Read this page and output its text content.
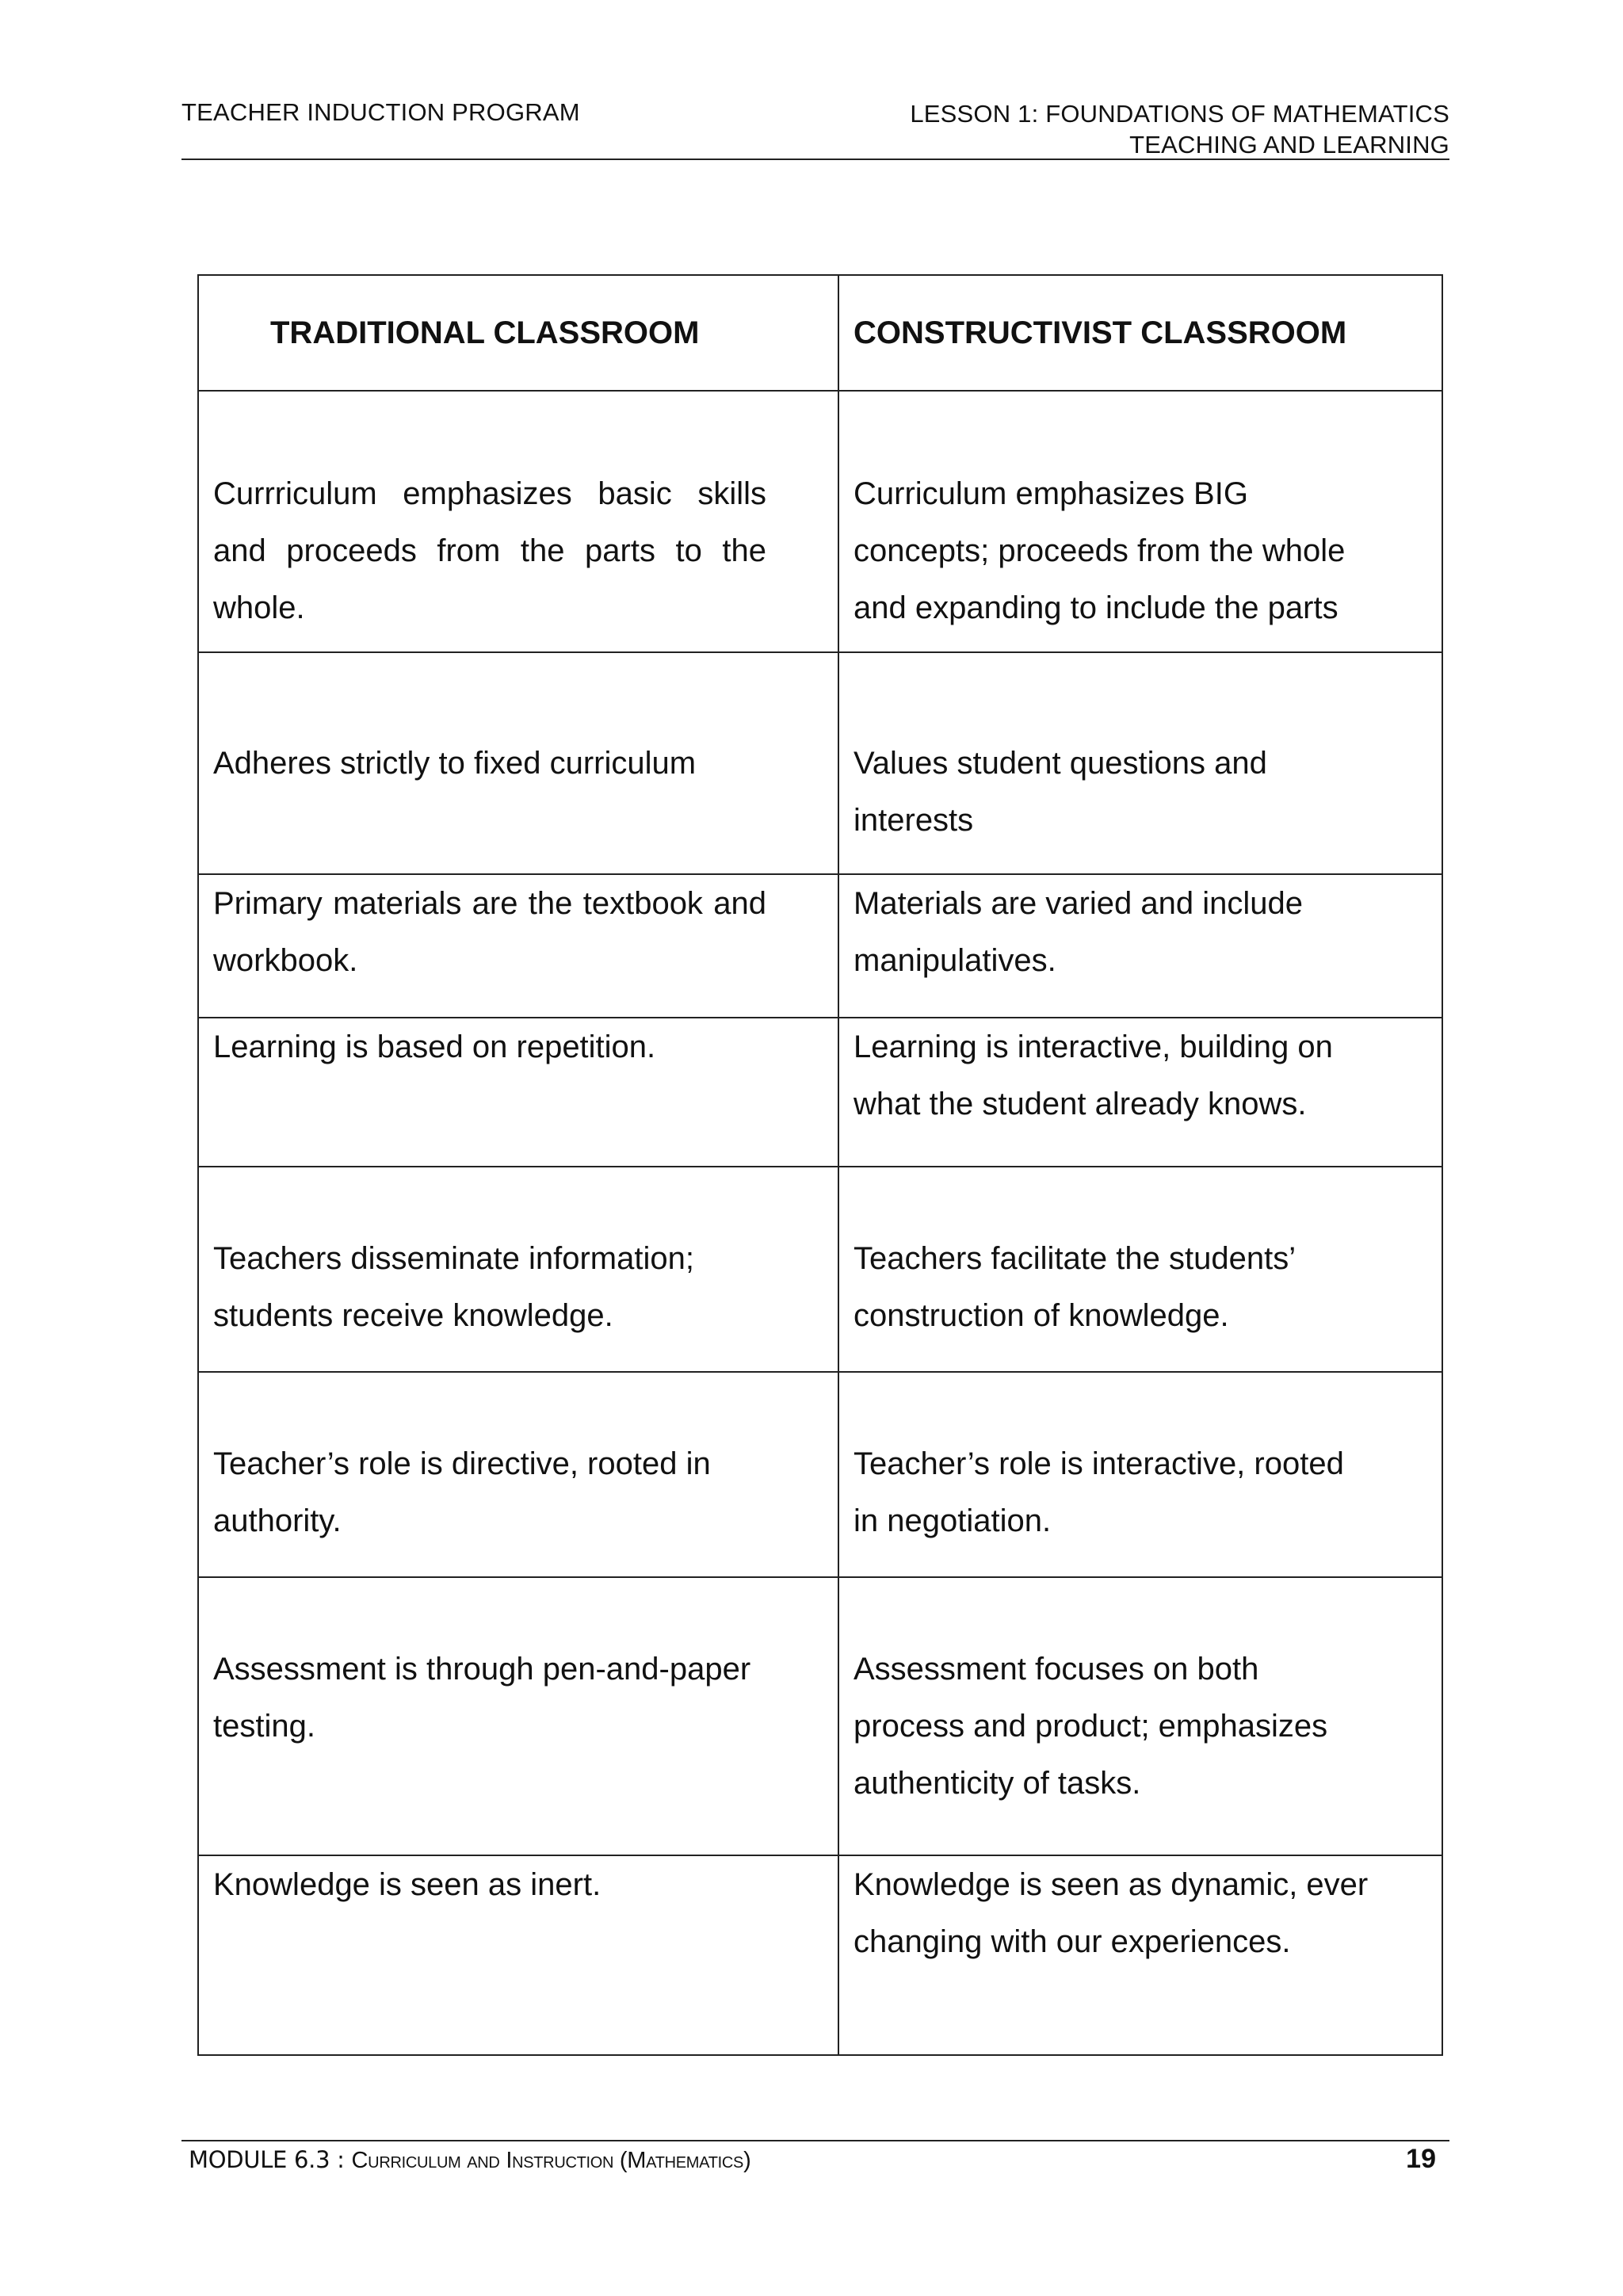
TEACHER INDUCTION PROGRAM	LESSON 1: FOUNDATIONS OF MATHEMATICS
TEACHING AND LEARNING
TRADITIONAL CLASSROOM	CONSTRUCTIVIST CLASSROOM

Currriculum emphasizes basic skills and proceeds from the parts to the whole.	Curriculum emphasizes BIG concepts; proceeds from the whole and expanding to include the parts

Adheres strictly to fixed curriculum	Values student questions and interests

Primary materials are the textbook and workbook.	Materials are varied and include manipulatives.

Learning is based on repetition.	Learning is interactive, building on what the student already knows.

Teachers disseminate information; students receive knowledge.	Teachers facilitate the students’ construction of knowledge.

Teacher’s role is directive, rooted in authority.	Teacher’s role is interactive, rooted in negotiation.

Assessment is through pen-and-paper testing.	Assessment focuses on both process and product; emphasizes authenticity of tasks.

Knowledge is seen as inert.	Knowledge is seen as dynamic, ever changing with our experiences.
MODULE 6.3 : Curriculum and Instruction (Mathematics)	19
